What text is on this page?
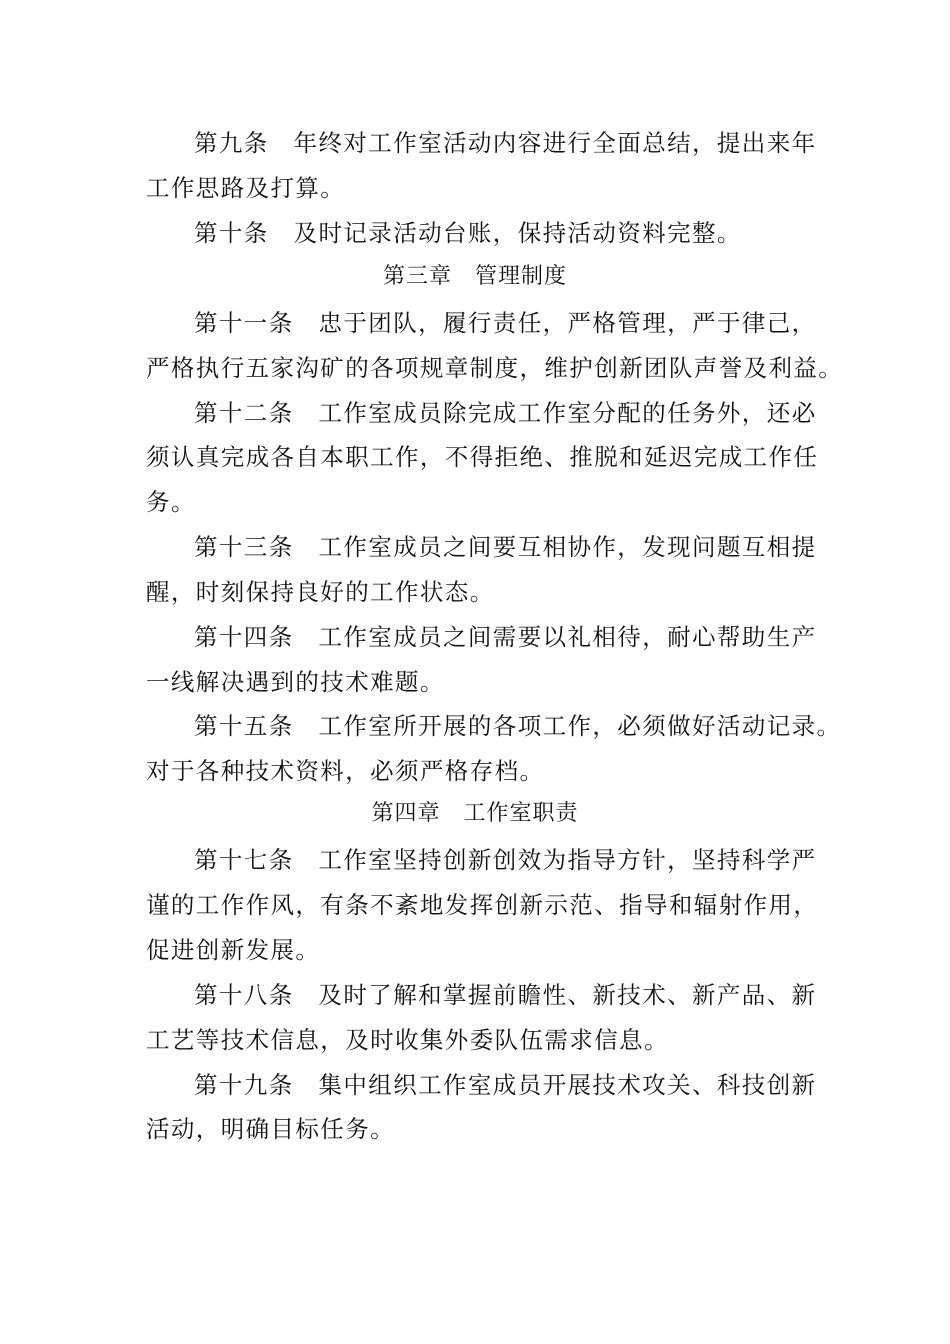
第九条　年终对工作室活动内容进行全面总结，提出来年
工作思路及打算。
第十条　及时记录活动台账，保持活动资料完整。
第三章　管理制度
第十一条　忠于团队，履行责任，严格管理，严于律己，
严格执行五家沟矿的各项规章制度，维护创新团队声誉及利益。
第十二条　工作室成员除完成工作室分配的任务外，还必
须认真完成各自本职工作，不得拒绝、推脱和延迟完成工作任
务。
第十三条　工作室成员之间要互相协作，发现问题互相提
醒，时刻保持良好的工作状态。
第十四条　工作室成员之间需要以礼相待，耐心帮助生产
一线解决遇到的技术难题。
第十五条　工作室所开展的各项工作，必须做好活动记录。
对于各种技术资料，必须严格存档。
第四章　工作室职责
第十七条　工作室坚持创新创效为指导方针，坚持科学严
谨的工作作风，有条不紊地发挥创新示范、指导和辐射作用，
促进创新发展。
第十八条　及时了解和掌握前瞻性、新技术、新产品、新
工艺等技术信息，及时收集外委队伍需求信息。
第十九条　集中组织工作室成员开展技术攻关、科技创新
活动，明确目标任务。
